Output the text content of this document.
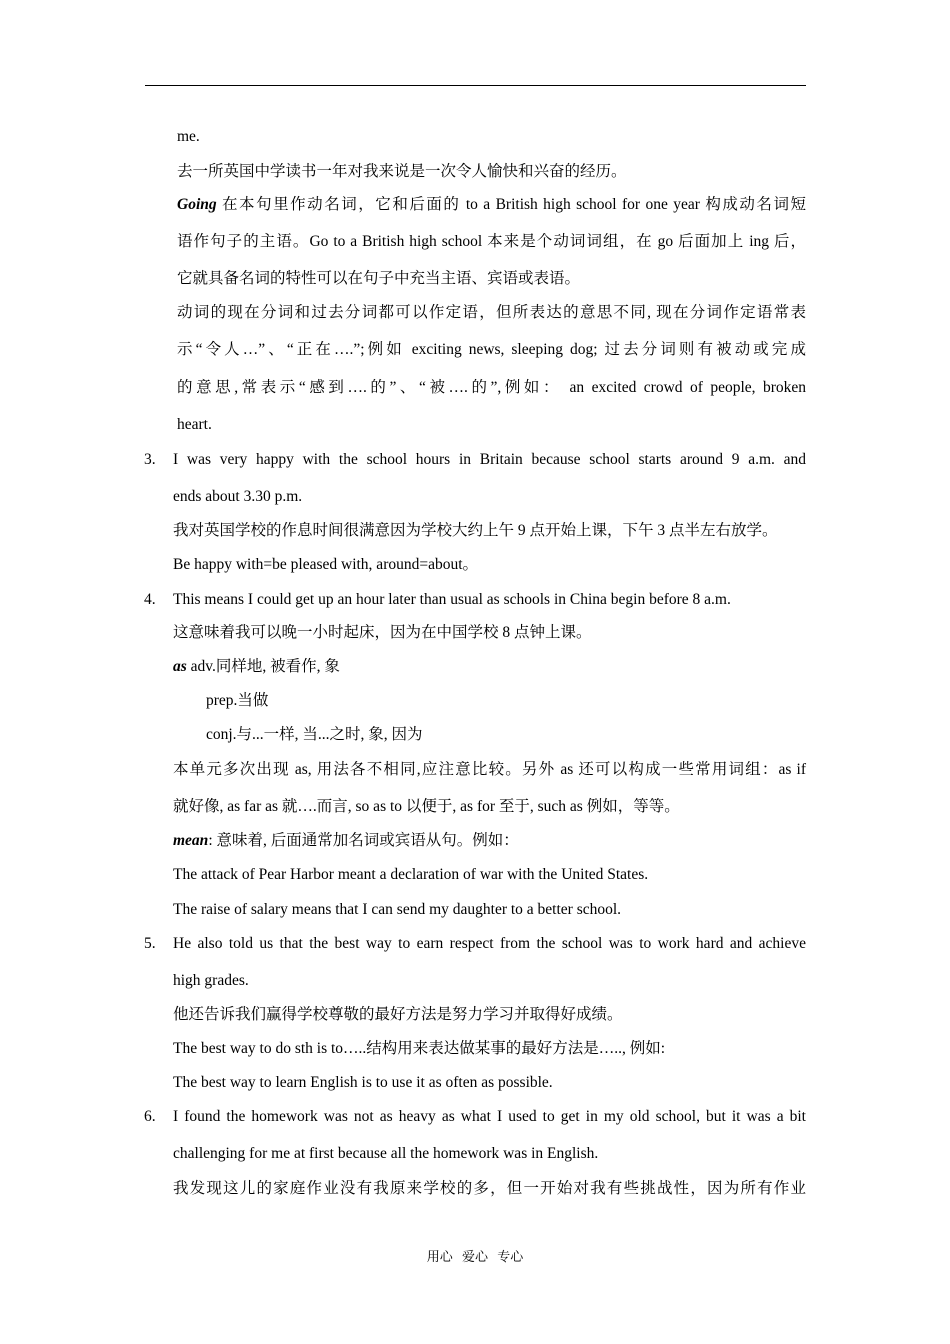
me.
去一所英国中学读书一年对我来说是一次令人愉快和兴奋的经历。
Going 在本句里作动名词，它和后面的 to a British high school for one year 构成动名词短
语作句子的主语。Go to a British high school 本来是个动词词组，在 go 后面加上 ing 后，
它就具备名词的特性可以在句子中充当主语、宾语或表语。
动词的现在分词和过去分词都可以作定语，但所表达的意思不同, 现在分词作定语常表
示“令人…”、“正在….”;例如 exciting news, sleeping dog; 过去分词则有被动或完成
的意思,常表示“感到….的”、“被….的”,例如： an excited crowd of people, broken
heart.
3. I was very happy with the school hours in Britain because school starts around 9 a.m. and
ends about 3.30 p.m.
我对英国学校的作息时间很满意因为学校大约上午 9 点开始上课，下午 3 点半左右放学。
Be happy with=be pleased with, around=about。
4. This means I could get up an hour later than usual as schools in China begin before 8 a.m.
这意味着我可以晚一小时起床，因为在中国学校 8 点钟上课。
as adv.同样地, 被看作, 象
prep.当做
conj.与...一样, 当...之时, 象, 因为
本单元多次出现 as, 用法各不相同,应注意比较。另外 as 还可以构成一些常用词组：as if
就好像, as far as 就….而言, so as to 以便于, as for 至于, such as 例如，等等。
mean: 意味着, 后面通常加名词或宾语从句。例如：
The attack of Pear Harbor meant a declaration of war with the United States.
The raise of salary means that I can send my daughter to a better school.
5. He also told us that the best way to earn respect from the school was to work hard and achieve
high grades.
他还告诉我们赢得学校尊敬的最好方法是努力学习并取得好成绩。
The best way to do sth is to…..结构用来表达做某事的最好方法是….., 例如:
The best way to learn English is to use it as often as possible.
6. I found the homework was not as heavy as what I used to get in my old school, but it was a bit
challenging for me at first because all the homework was in English.
我发现这儿的家庭作业没有我原来学校的多，但一开始对我有些挑战性，因为所有作业
用心 爱心 专心
